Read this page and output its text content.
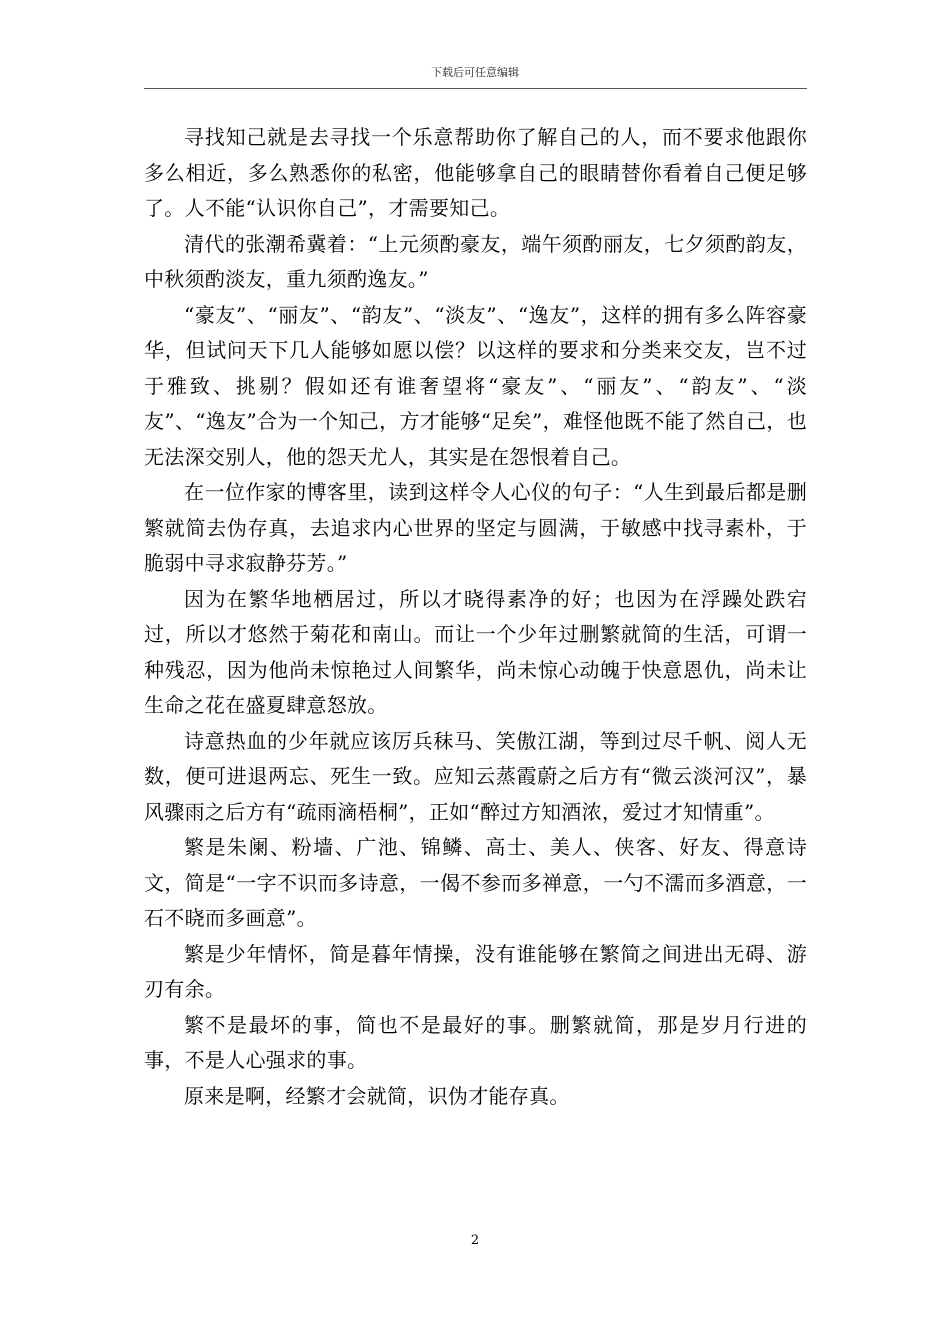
下载后可任意编辑

寻找知己就是去寻找一个乐意帮助你了解自己的人，而不要求他跟你多么相近，多么熟悉你的私密，他能够拿自己的眼睛替你看着自己便足够了。人不能“认识你自己”，才需要知己。

清代的张潮希冀着：“上元须酌豪友，端午须酌丽友，七夕须酌韵友，中秋须酌淡友，重九须酌逸友。”

“豪友”、“丽友”、“韵友”、“淡友”、“逸友”，这样的拥有多么阵容豪华，但试问天下几人能够如愿以偿？以这样的要求和分类来交友，岂不过于雅致、挑剔？假如还有谁奢望将“豪友”、“丽友”、“韵友”、“淡友”、“逸友”合为一个知己，方才能够“足矣”，难怪他既不能了然自己，也无法深交别人，他的怨天尤人，其实是在怨恨着自己。

在一位作家的博客里，读到这样令人心仪的句子：“人生到最后都是删繁就简去伪存真，去追求内心世界的坚定与圆满，于敏感中找寻素朴，于脆弱中寻求寂静芬芳。”

因为在繁华地栖居过，所以才晓得素净的好；也因为在浮躁处跌宕过，所以才悠然于菊花和南山。而让一个少年过删繁就简的生活，可谓一种残忍，因为他尚未惊艳过人间繁华，尚未惊心动魄于快意恩仇，尚未让生命之花在盛夏肆意怒放。

诗意热血的少年就应该厉兵秣马、笑傲江湖，等到过尽千帆、阅人无数，便可进退两忘、死生一致。应知云蒸霞蔚之后方有“微云淡河汉”，暴风骤雨之后方有“疏雨滴梧桐”，正如“醉过方知酒浓，爱过才知情重”。

繁是朱阑、粉墙、广池、锦鳞、高士、美人、侠客、好友、得意诗文，简是“一字不识而多诗意，一偈不参而多禅意，一勺不濡而多酒意，一石不晓而多画意”。

繁是少年情怀，简是暮年情操，没有谁能够在繁简之间进出无碍、游刃有余。

繁不是最坏的事，简也不是最好的事。删繁就简，那是岁月行进的事，不是人心强求的事。

原来是啊，经繁才会就简，识伪才能存真。

2
